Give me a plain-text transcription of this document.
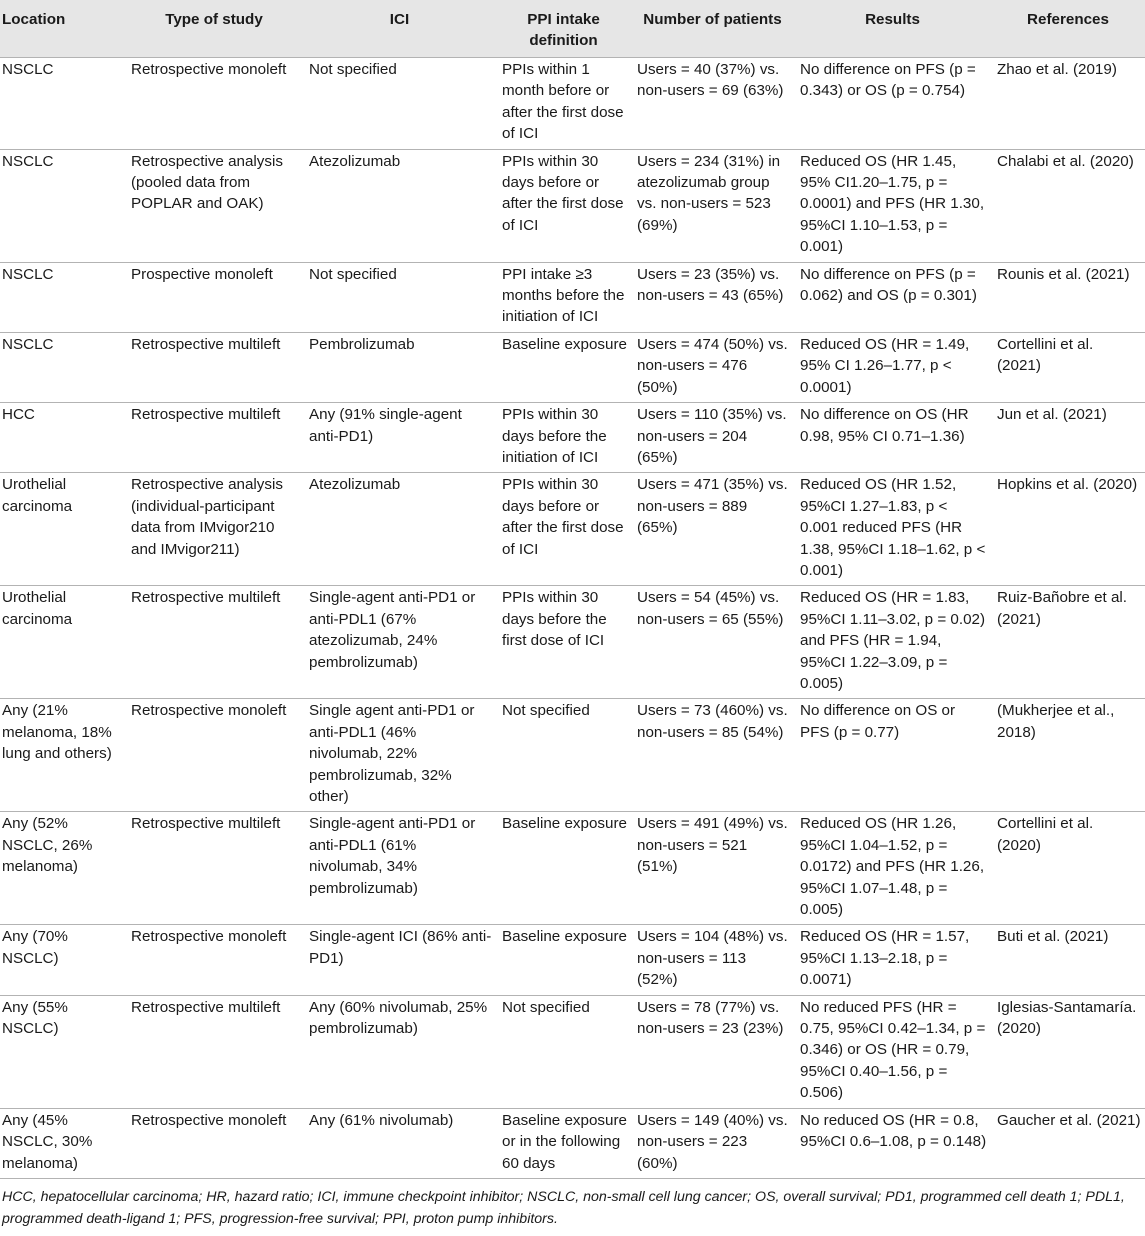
Location	Type of study	ICI	PPI intake definition	Number of patients	Results	References
NSCLC	Retrospective monoleft	Not specified	PPIs within 1 month before or after the first dose of ICI	Users = 40 (37%) vs. non-users = 69 (63%)	No difference on PFS (p = 0.343) or OS (p = 0.754)	Zhao et al. (2019)
NSCLC	Retrospective analysis (pooled data from POPLAR and OAK)	Atezolizumab	PPIs within 30 days before or after the first dose of ICI	Users = 234 (31%) in atezolizumab group vs. non-users = 523 (69%)	Reduced OS (HR 1.45, 95% CI1.20–1.75, p = 0.0001) and PFS (HR 1.30, 95%CI 1.10–1.53, p = 0.001)	Chalabi et al. (2020)
NSCLC	Prospective monoleft	Not specified	PPI intake ≥3 months before the initiation of ICI	Users = 23 (35%) vs. non-users = 43 (65%)	No difference on PFS (p = 0.062) and OS (p = 0.301)	Rounis et al. (2021)
NSCLC	Retrospective multileft	Pembrolizumab	Baseline exposure	Users = 474 (50%) vs. non-users = 476 (50%)	Reduced OS (HR = 1.49, 95% CI 1.26–1.77, p < 0.0001)	Cortellini et al. (2021)
HCC	Retrospective multileft	Any (91% single-agent anti-PD1)	PPIs within 30 days before the initiation of ICI	Users = 110 (35%) vs. non-users = 204 (65%)	No difference on OS (HR 0.98, 95% CI 0.71–1.36)	Jun et al. (2021)
Urothelial carcinoma	Retrospective analysis (individual-participant data from IMvigor210 and IMvigor211)	Atezolizumab	PPIs within 30 days before or after the first dose of ICI	Users = 471 (35%) vs. non-users = 889 (65%)	Reduced OS (HR 1.52, 95%CI 1.27–1.83, p < 0.001 reduced PFS (HR 1.38, 95%CI 1.18–1.62, p < 0.001)	Hopkins et al. (2020)
Urothelial carcinoma	Retrospective multileft	Single-agent anti-PD1 or anti-PDL1 (67% atezolizumab, 24% pembrolizumab)	PPIs within 30 days before the first dose of ICI	Users = 54 (45%) vs. non-users = 65 (55%)	Reduced OS (HR = 1.83, 95%CI 1.11–3.02, p = 0.02) and PFS (HR = 1.94, 95%CI 1.22–3.09, p = 0.005)	Ruiz-Bañobre et al. (2021)
Any (21% melanoma, 18% lung and others)	Retrospective monoleft	Single agent anti-PD1 or anti-PDL1 (46% nivolumab, 22% pembrolizumab, 32% other)	Not specified	Users = 73 (460%) vs. non-users = 85 (54%)	No difference on OS or PFS (p = 0.77)	(Mukherjee et al., 2018)
Any (52% NSCLC, 26% melanoma)	Retrospective multileft	Single-agent anti-PD1 or anti-PDL1 (61% nivolumab, 34% pembrolizumab)	Baseline exposure	Users = 491 (49%) vs. non-users = 521 (51%)	Reduced OS (HR 1.26, 95%CI 1.04–1.52, p = 0.0172) and PFS (HR 1.26, 95%CI 1.07–1.48, p = 0.005)	Cortellini et al. (2020)
Any (70% NSCLC)	Retrospective monoleft	Single-agent ICI (86% anti-PD1)	Baseline exposure	Users = 104 (48%) vs. non-users = 113 (52%)	Reduced OS (HR = 1.57, 95%CI 1.13–2.18, p = 0.0071)	Buti et al. (2021)
Any (55% NSCLC)	Retrospective multileft	Any (60% nivolumab, 25% pembrolizumab)	Not specified	Users = 78 (77%) vs. non-users = 23 (23%)	No reduced PFS (HR = 0.75, 95%CI 0.42–1.34, p = 0.346) or OS (HR = 0.79, 95%CI 0.40–1.56, p = 0.506)	Iglesias-Santamaría. (2020)
Any (45% NSCLC, 30% melanoma)	Retrospective monoleft	Any (61% nivolumab)	Baseline exposure or in the following 60 days	Users = 149 (40%) vs. non-users = 223 (60%)	No reduced OS (HR = 0.8, 95%CI 0.6–1.08, p = 0.148)	Gaucher et al. (2021)
HCC, hepatocellular carcinoma; HR, hazard ratio; ICI, immune checkpoint inhibitor; NSCLC, non-small cell lung cancer; OS, overall survival; PD1, programmed cell death 1; PDL1, programmed death-ligand 1; PFS, progression-free survival; PPI, proton pump inhibitors.						
